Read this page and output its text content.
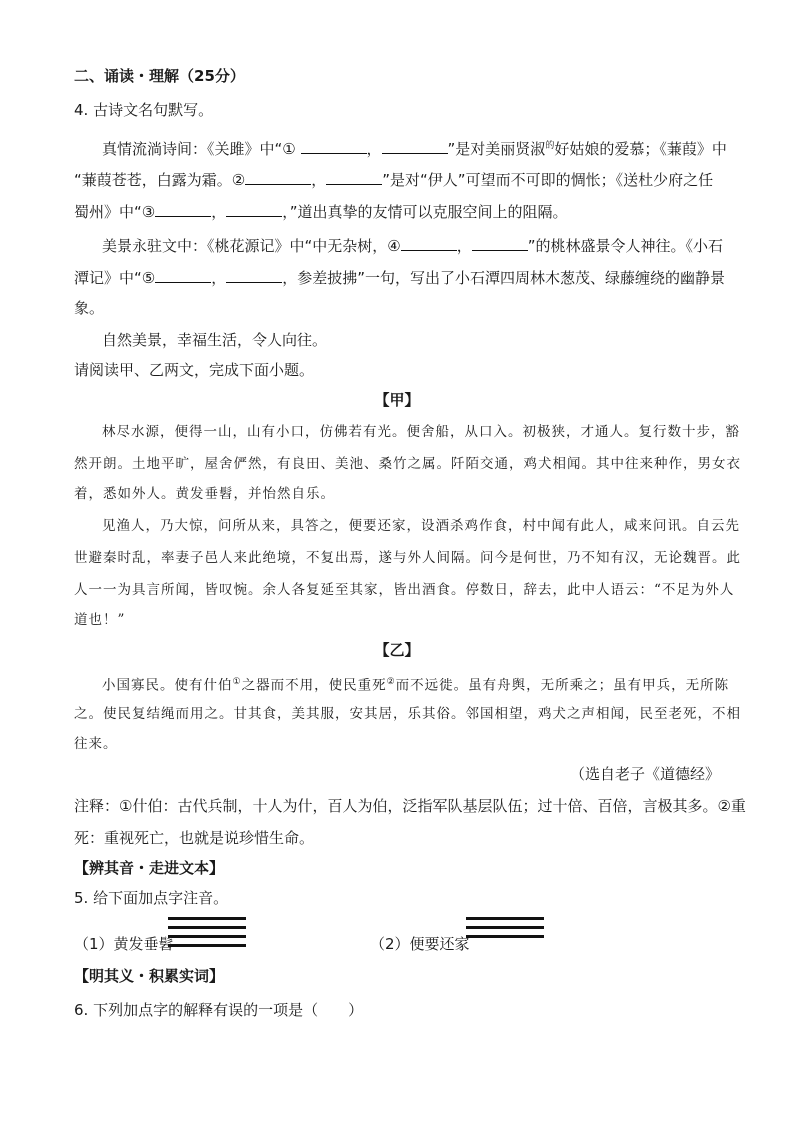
二、诵读・理解（25分）
4. 古诗文名句默写。
真情流淌诗间：《关雎》中“①	，	”是对美丽贤淑$^的$好姑娘的爱慕；《蒹葭》中
“蒹葭苍苍，白露为霜。②	，	”是对“伊人”可望而不可即的惆怅；《送杜少府之任
蜀州》中“③	，	，”道出真挚的友情可以克服空间上的阻隔。
美景永驻文中：《桃花源记》中“中无杂树，④	，	”的桃林盛景令人神往。《小石
潭记》中“⑤	，	，参差披拂”一句，写出了小石潭四周林木葱茂、绿藤缠绕的幽静景
象。
自然美景，幸福生活，令人向往。
请阅读甲、乙两文，完成下面小题。
【甲】
林尽水源，便得一山，山有小口，仿佛若有光。便舍船，从口入。初极狭，才通人。复行数十步，豁
然开朗。土地平旷，屋舍俨然，有良田、美池、桑竹之属。阡陌交通，鸡犬相闻。其中往来种作，男女衣
着，悉如外人。黄发垂髫，并怡然自乐。
见渔人，乃大惊，问所从来，具答之，便要还家，设酒杀鸡作食，村中闻有此人，咸来问讯。自云先
世避秦时乱，率妻子邑人来此绝境，不复出焉，遂与外人间隔。问今是何世，乃不知有汉，无论魏晋。此
人一一为具言所闻，皆叹惋。余人各复延至其家，皆出酒食。停数日，辞去，此中人语云：“不足为外人
道也！”
【乙】
小国寡民。使有什伯①之器而不用，使民重死②而不远徙。虽有舟舆，无所乘之；虽有甲兵，无所陈
之。使民复结绳而用之。甘其食，美其服，安其居，乐其俗。邻国相望，鸡犬之声相闻，民至老死，不相
往来。
（选自老子《道德经》
注释：①什伯：古代兵制，十人为什，百人为伯，泛指军队基层队伍；过十倍、百倍，言极其多。②重
死：重视死亡，也就是说珍惜生命。
【辨其音・走进文本】
5. 给下面加点字注音。
（1）黄发垂髫	（2）便要还家
【明其义・积累实词】
6. 下列加点字的解释有误的一项是（　　）
